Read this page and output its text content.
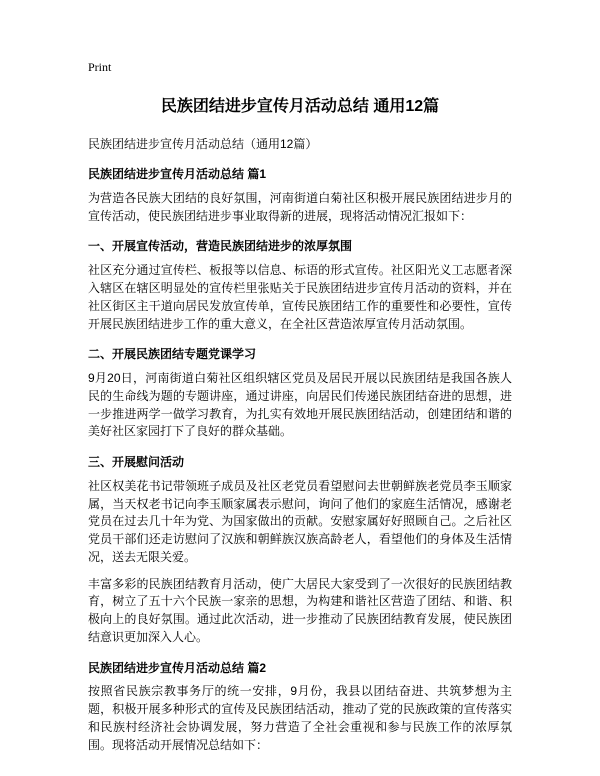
Print
民族团结进步宣传月活动总结 通用12篇
民族团结进步宣传月活动总结（通用12篇）
民族团结进步宣传月活动总结 篇1

为营造各民族大团结的良好氛围，河南街道白菊社区积极开展民族团结进步月的宣传活动，使民族团结进步事业取得新的进展，现将活动情况汇报如下：

一、开展宣传活动，营造民族团结进步的浓厚氛围

社区充分通过宣传栏、板报等以信息、标语的形式宣传。社区阳光义工志愿者深入辖区在辖区明显处的宣传栏里张贴关于民族团结进步宣传月活动的资料，并在社区街区主干道向居民发放宣传单，宣传民族团结工作的重要性和必要性，宣传开展民族团结进步工作的重大意义，在全社区营造浓厚宣传月活动氛围。

二、开展民族团结专题党课学习

9月20日，河南街道白菊社区组织辖区党员及居民开展以民族团结是我国各族人民的生命线为题的专题讲座，通过讲座，向居民们传递民族团结奋进的思想，进一步推进两学一做学习教育，为扎实有效地开展民族团结活动，创建团结和谐的美好社区家园打下了良好的群众基础。

三、开展慰问活动

社区权美花书记带领班子成员及社区老党员看望慰问去世朝鲜族老党员李玉顺家属，当天权老书记向李玉顺家属表示慰问，询问了他们的家庭生活情况，感谢老党员在过去几十年为党、为国家做出的贡献。安慰家属好好照顾自己。之后社区党员干部们还走访慰问了汉族和朝鲜族汉族高龄老人，看望他们的身体及生活情况，送去无限关爱。

丰富多彩的民族团结教育月活动，使广大居民大家受到了一次很好的民族团结教育，树立了五十六个民族一家亲的思想，为构建和谐社区营造了团结、和谐、积极向上的良好氛围。通过此次活动，进一步推动了民族团结教育发展，使民族团结意识更加深入人心。

民族团结进步宣传月活动总结 篇2

按照省民族宗教事务厅的统一安排，9月份，我县以团结奋进、共筑梦想为主题，积极开展多种形式的宣传及民族团结活动，推动了党的民族政策的宣传落实和民族村经济社会协调发展，努力营造了全社会重视和参与民族工作的浓厚氛围。现将活动开展情况总结如下：
